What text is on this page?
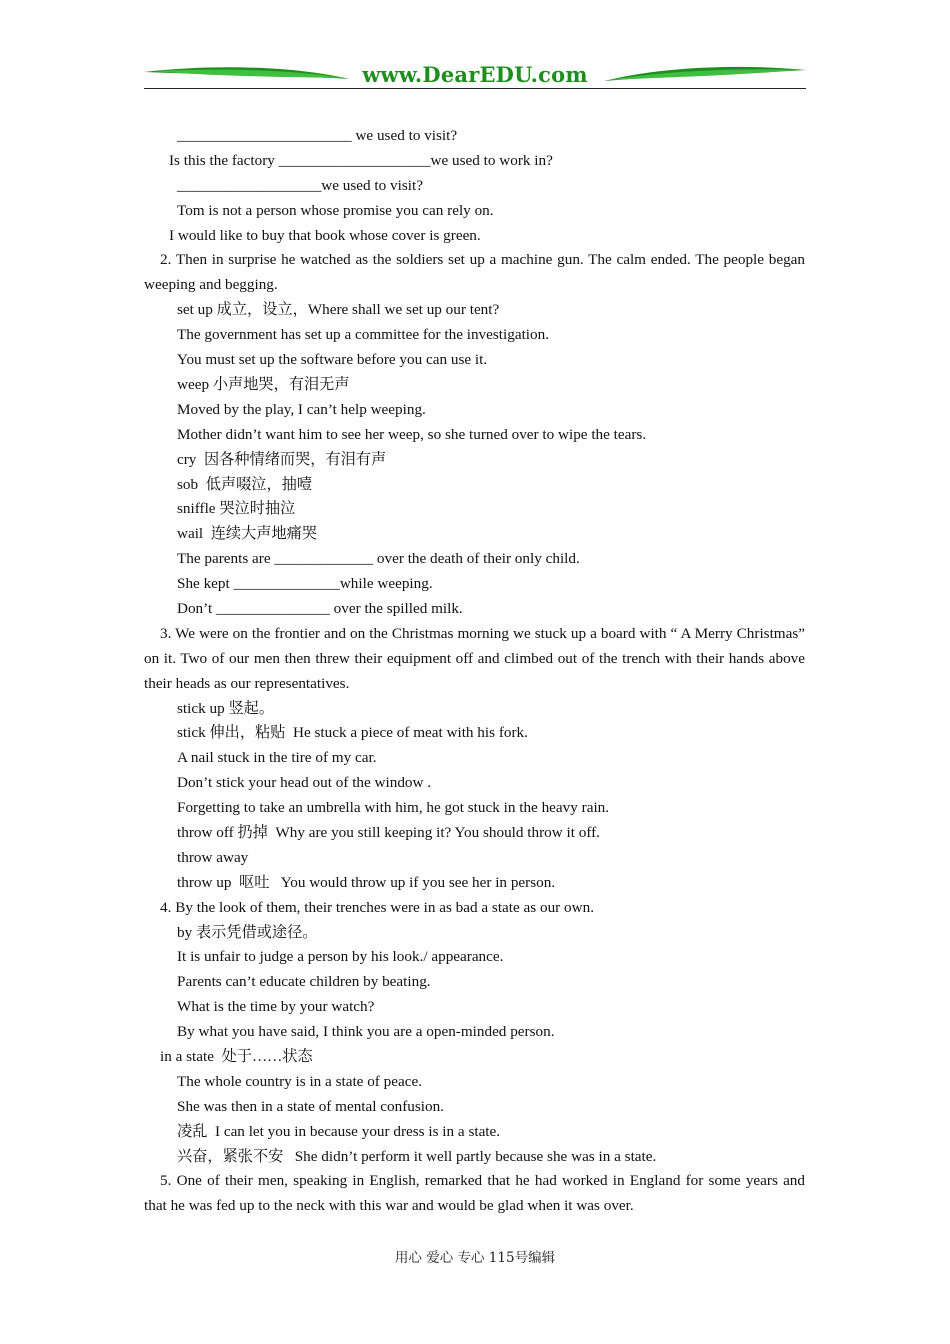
www.DearEDU.com
_______________________ we used to visit?
Is this the factory ____________________we used to work in?
___________________we used to visit?
Tom is not a person whose promise you can rely on.
I would like to buy that book whose cover is green.
2. Then in surprise he watched as the soldiers set up a machine gun. The calm ended. The people began weeping and begging.
set up 成立，设立，Where shall we set up our tent?
The government has set up a committee for the investigation.
You must set up the software before you can use it.
weep 小声地哭，有泪无声
Moved by the play, I can’t help weeping.
Mother didn’t want him to see her weep, so she turned over to wipe the tears.
cry  因各种情绪而哭，有泪有声
sob  低声啜泣，抽噎
sniffle 哭泣时抽泣
wail  连续大声地痛哭
The parents are _____________ over the death of their only child.
She kept ______________while weeping.
Don’t _______________ over the spilled milk.
3. We were on the frontier and on the Christmas morning we stuck up a board with “ A Merry Christmas” on it. Two of our men then threw their equipment off and climbed out of the trench with their hands above their heads as our representatives.
stick up 竖起。
stick 伸出，粘贴  He stuck a piece of meat with his fork.
A nail stuck in the tire of my car.
Don’t stick your head out of the window .
Forgetting to take an umbrella with him, he got stuck in the heavy rain.
throw off 扔掉  Why are you still keeping it? You should throw it off.
throw away
throw up  呕吐   You would throw up if you see her in person.
4. By the look of them, their trenches were in as bad a state as our own.
by 表示凭借或途径。
It is unfair to judge a person by his look./ appearance.
Parents can’t educate children by beating.
What is the time by your watch?
By what you have said, I think you are a open-minded person.
in a state  处于……状态
The whole country is in a state of peace.
She was then in a state of mental confusion.
凌乱  I can let you in because your dress is in a state.
兴奋，紧张不安   She didn’t perform it well partly because she was in a state.
5. One of their men, speaking in English, remarked that he had worked in England for some years and that he was fed up to the neck with this war and would be glad when it was over.
用心 爱心 专心 115号编辑
